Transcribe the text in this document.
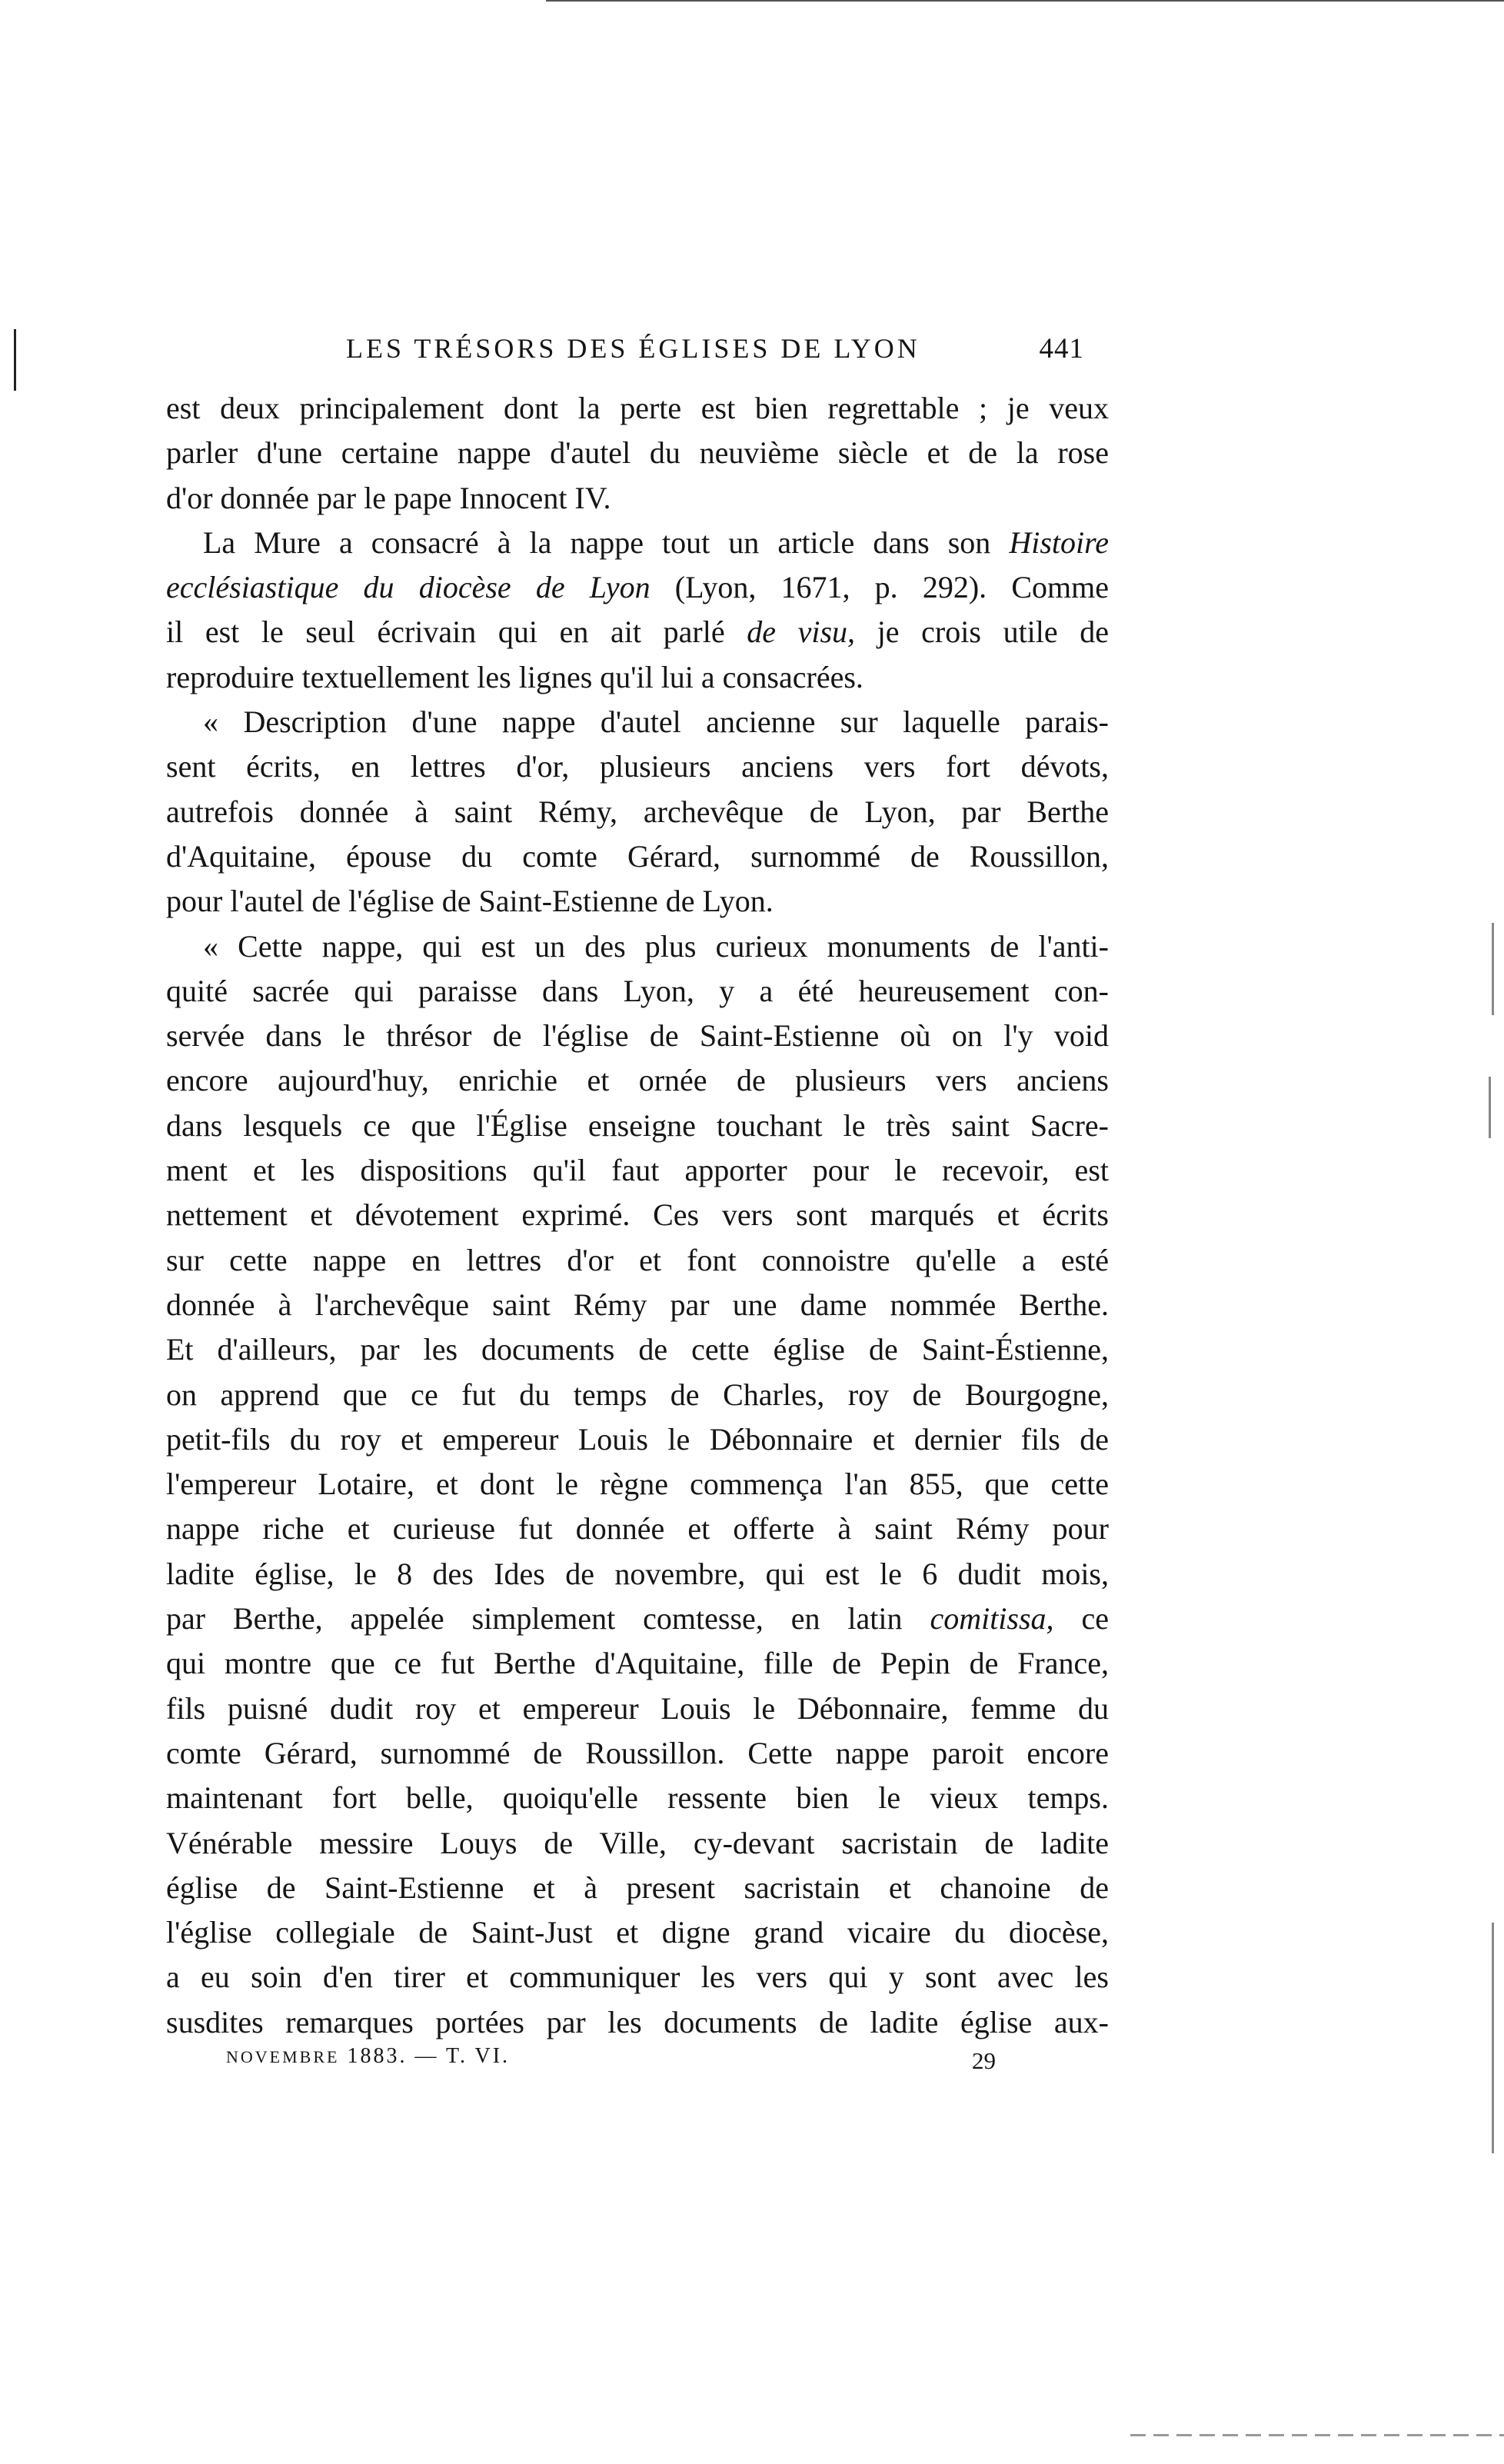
LES TRÉSORS DES ÉGLISES DE LYON	441
est deux principalement dont la perte est bien regrettable ; je veux
parler d'une certaine nappe d'autel du neuvième siècle et de la rose
d'or donnée par le pape Innocent IV.
La Mure a consacré à la nappe tout un article dans son Histoire
ecclésiastique du diocèse de Lyon (Lyon, 1671, p. 292). Comme
il est le seul écrivain qui en ait parlé de visu, je crois utile de
reproduire textuellement les lignes qu'il lui a consacrées.
« Description d'une nappe d'autel ancienne sur laquelle parais-
sent écrits, en lettres d'or, plusieurs anciens vers fort dévots,
autrefois donnée à saint Rémy, archevêque de Lyon, par Berthe
d'Aquitaine, épouse du comte Gérard, surnommé de Roussillon,
pour l'autel de l'église de Saint-Estienne de Lyon.
« Cette nappe, qui est un des plus curieux monuments de l'anti-
quité sacrée qui paraisse dans Lyon, y a été heureusement con-
servée dans le thrésor de l'église de Saint-Estienne où on l'y void
encore aujourd'huy, enrichie et ornée de plusieurs vers anciens
dans lesquels ce que l'Église enseigne touchant le très saint Sacre-
ment et les dispositions qu'il faut apporter pour le recevoir, est
nettement et dévotement exprimé. Ces vers sont marqués et écrits
sur cette nappe en lettres d'or et font connoistre qu'elle a esté
donnée à l'archevêque saint Rémy par une dame nommée Berthe.
Et d'ailleurs, par les documents de cette église de Saint-Éstienne,
on apprend que ce fut du temps de Charles, roy de Bourgogne,
petit-fils du roy et empereur Louis le Débonnaire et dernier fils de
l'empereur Lotaire, et dont le règne commença l'an 855, que cette
nappe riche et curieuse fut donnée et offerte à saint Rémy pour
ladite église, le 8 des Ides de novembre, qui est le 6 dudit mois,
par Berthe, appelée simplement comtesse, en latin comitissa, ce
qui montre que ce fut Berthe d'Aquitaine, fille de Pepin de France,
fils puisné dudit roy et empereur Louis le Débonnaire, femme du
comte Gérard, surnommé de Roussillon. Cette nappe paroit encore
maintenant fort belle, quoiqu'elle ressente bien le vieux temps.
Vénérable messire Louys de Ville, cy-devant sacristain de ladite
église de Saint-Estienne et à present sacristain et chanoine de
l'église collegiale de Saint-Just et digne grand vicaire du diocèse,
a eu soin d'en tirer et communiquer les vers qui y sont avec les
susdites remarques portées par les documents de ladite église aux-
NOVEMBRE 1883. — T. VI.	29
